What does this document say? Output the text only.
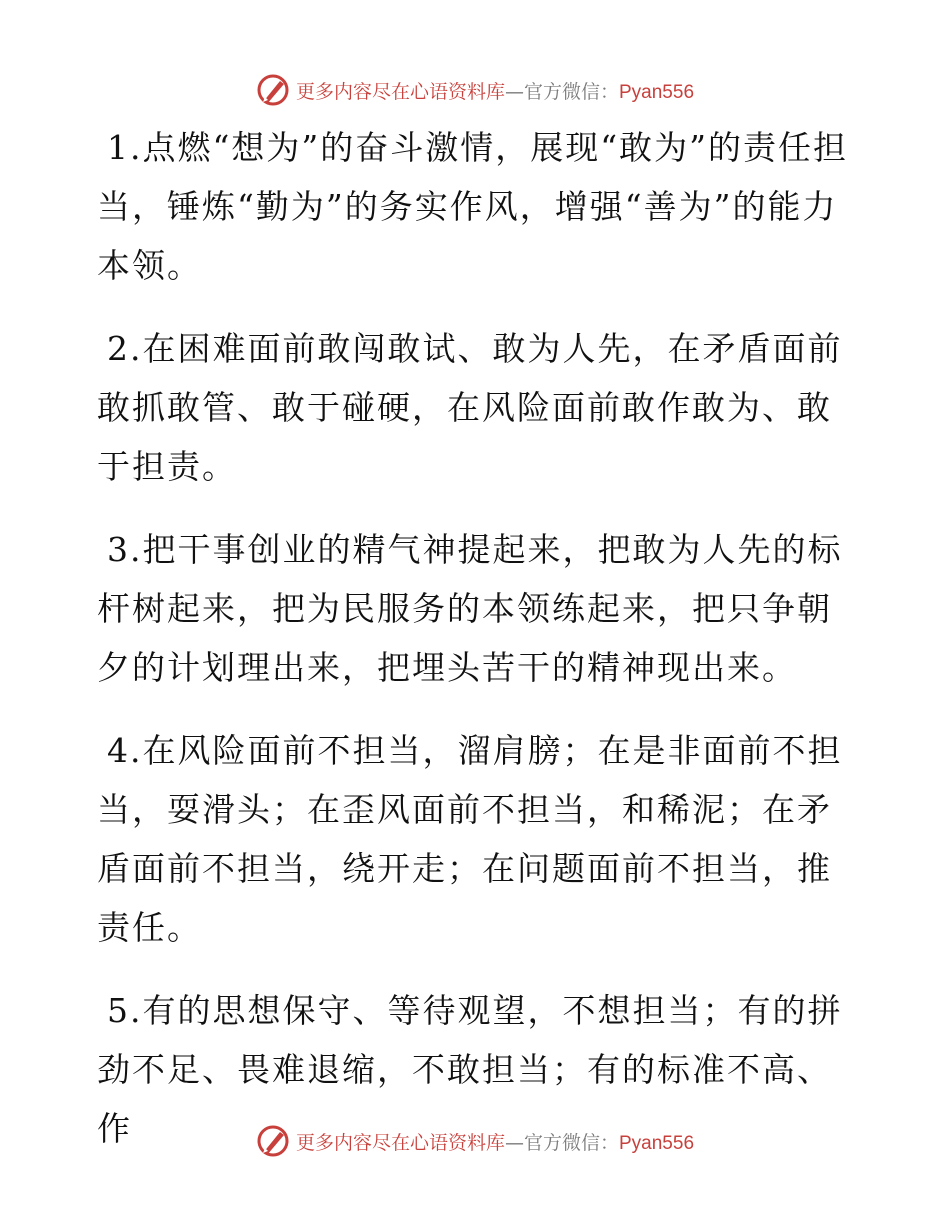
更多内容尽在心语资料库—官方微信：Pyan556

1.点燃“想为”的奋斗激情，展现“敢为”的责任担当，锤炼“勤为”的务实作风，增强“善为”的能力本领。

2.在困难面前敢闯敢试、敢为人先，在矛盾面前敢抓敢管、敢于碰硬，在风险面前敢作敢为、敢于担责。

3.把干事创业的精气神提起来，把敢为人先的标杆树起来，把为民服务的本领练起来，把只争朝夕的计划理出来，把埋头苦干的精神现出来。

4.在风险面前不担当，溜肩膀；在是非面前不担当，耍滑头；在歪风面前不担当，和稀泥；在矛盾面前不担当，绕开走；在问题面前不担当，推责任。

5.有的思想保守、等待观望，不想担当；有的拼劲不足、畏难退缩，不敢担当；有的标准不高、作	更多内容尽在心语资料库—官方微信：Pyan556
